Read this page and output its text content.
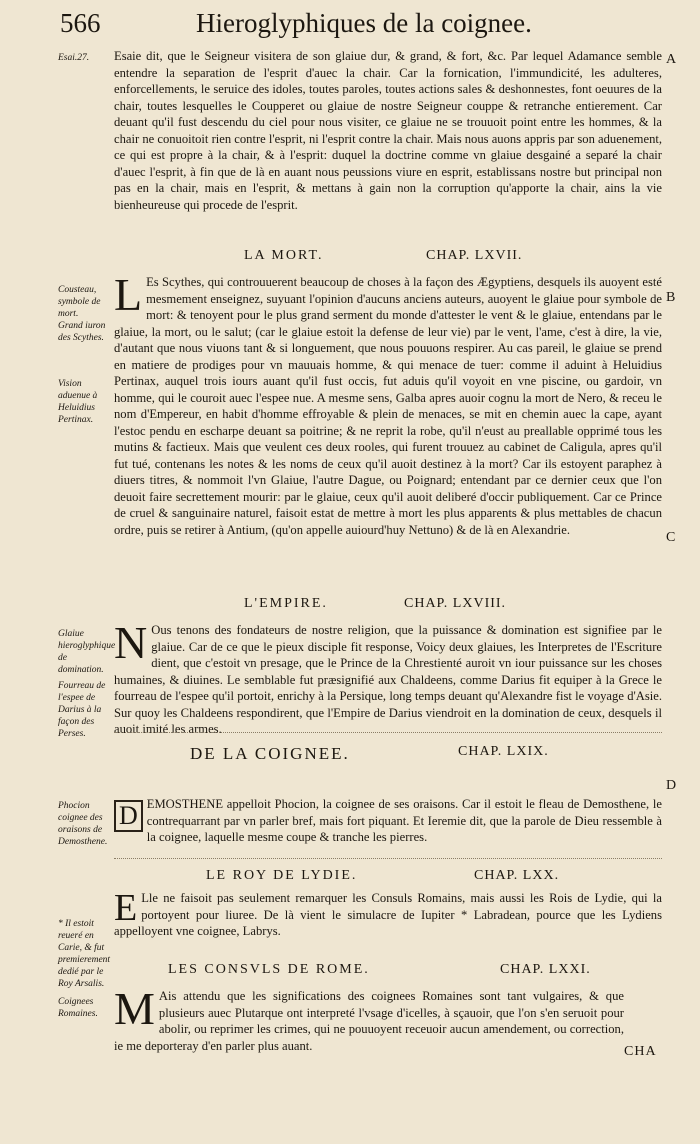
566	Hieroglyphiques de la coignee.
A
B
C
D
Esai.27.	Esaie dit, que le Seigneur visitera de son glaiue dur, & grand, & fort, &c. Par lequel Adamance semble entendre la separation de l'esprit d'auec la chair. Car la fornication, l'immundicité, les adulteres, enforcellements, le seruice des idoles, toutes paroles, toutes actions sales & deshonnestes, font oeuures de la chair, toutes lesquelles le Coupperet ou glaiue de nostre Seigneur couppe & retranche entierement. Car deuant qu'il fust descendu du ciel pour nous visiter, ce glaiue ne se trouuoit point entre les hommes, & la chair ne conuoitoit rien contre l'esprit, ni l'esprit contre la chair. Mais nous auons appris par son aduenement, ce qui est propre à la chair, & à l'esprit: duquel la doctrine comme vn glaiue desgainé a separé la chair d'auec l'esprit, à fin que de là en auant nous peussions viure en esprit, establissans nostre but principal non pas en la chair, mais en l'esprit, & mettans à gain non la corruption qu'apporte la chair, ains la vie bienheureuse qui procede de l'esprit.
LA MORT.	CHAP. LXVII.
Cousteau, symbole de mort.
Grand iuron des Scythes.
Vision aduenue à Heluidius Pertinax.
L Es Scythes, qui controuuerent beaucoup de choses à la façon des Ægyptiens, desquels ils auoyent esté mesmement enseignez, suyuant l'opinion d'aucuns anciens auteurs, auoyent le glaiue pour symbole de mort: & tenoyent pour le plus grand serment du monde d'attester le vent & le glaiue, entendans par le glaiue, la mort, ou le salut; (car le glaiue estoit la defense de leur vie) par le vent, l'ame, c'est à dire, la vie, d'autant que nous viuons tant & si longuement, que nous pouuons respirer. Au cas pareil, le glaiue se prend en matiere de prodiges pour vn mauuais homme, & qui menace de tuer: comme il aduint à Heluidius Pertinax, auquel trois iours auant qu'il fust occis, fut aduis qu'il voyoit en vne piscine, ou gardoir, vn homme, qui le couroit auec l'espee nue. A mesme sens, Galba apres auoir cognu la mort de Nero, & receu le nom d'Empereur, en habit d'homme effroyable & plein de menaces, se mit en chemin auec la cape, ayant l'estoc pendu en escharpe deuant sa poitrine; & ne reprit la robe, qu'il n'eust au preallable opprimé tous les mutins & factieux. Mais que veulent ces deux rooles, qui furent trouuez au cabinet de Caligula, apres qu'il fut tué, contenans les notes & les noms de ceux qu'il auoit destinez à la mort? Car ils estoyent paraphez à diuers titres, & nommoit l'vn Glaiue, l'autre Dague, ou Poignard; entendant par ce dernier ceux que l'on deuoit faire secrettement mourir: par le glaiue, ceux qu'il auoit deliberé d'occir publiquement. Car ce Prince de cruel & sanguinaire naturel, faisoit estat de mettre à mort les plus apparents & plus mettables de chacun ordre, puis se retirer à Antium, (qu'on appelle auiourd'huy Nettuno) & de là en Alexandrie.
L'EMPIRE.	CHAP. LXVIII.
Glaiue hieroglyphique de domination.
Fourreau de l'espee de Darius à la façon des Perses.
N Ous tenons des fondateurs de nostre religion, que la puissance & domination est signifiee par le glaiue. Car de ce que le pieux disciple fit response, Voicy deux glaiues, les Interpretes de l'Escriture dient, que c'estoit vn presage, que le Prince de la Chrestienté auroit vn iour puissance sur les choses humaines, & diuines. Le semblable fut præsignifié aux Chaldeens, comme Darius fit equiper à la Grece le fourreau de l'espee qu'il portoit, enrichy à la Persique, long temps deuant qu'Alexandre fist le voyage d'Asie. Sur quoy les Chaldeens respondirent, que l'Empire de Darius viendroit en la domination de ceux, desquels il auoit imité les armes.
DE LA COIGNEE.	CHAP. LXIX.
Phocion coignee des oraisons de Demosthene.
D EMOSTHENE appelloit Phocion, la coignee de ses oraisons. Car il estoit le fleau de Demosthene, le contrequarrant par vn parler bref, mais fort piquant. Et Ieremie dit, que la parole de Dieu ressemble à la coignee, laquelle mesme coupe & tranche les pierres.
LE ROY DE LYDIE.	CHAP. LXX.
* Il estoit reueré en Carie, & fut premierement dedié par le Roy Arsalis.
E Lle ne faisoit pas seulement remarquer les Consuls Romains, mais aussi les Rois de Lydie, qui la portoyent pour liuree. De là vient le simulacre de Iupiter * Labradean, pource que les Lydiens appelloyent vne coignee, Labrys.
LES CONSVLS DE ROME.	CHAP. LXXI.
Coignees Romaines. M Ais attendu que les significations des coignees Romaines sont tant vulgaires, & que plusieurs auec Plutarque ont interpreté l'vsage d'icelles, à sçauoir, que l'on s'en seruoit pour abolir, ou reprimer les crimes, qui ne pouuoyent receuoir aucun amendement, ou correction, ie me deporteray d'en parler plus auant.	CHA
